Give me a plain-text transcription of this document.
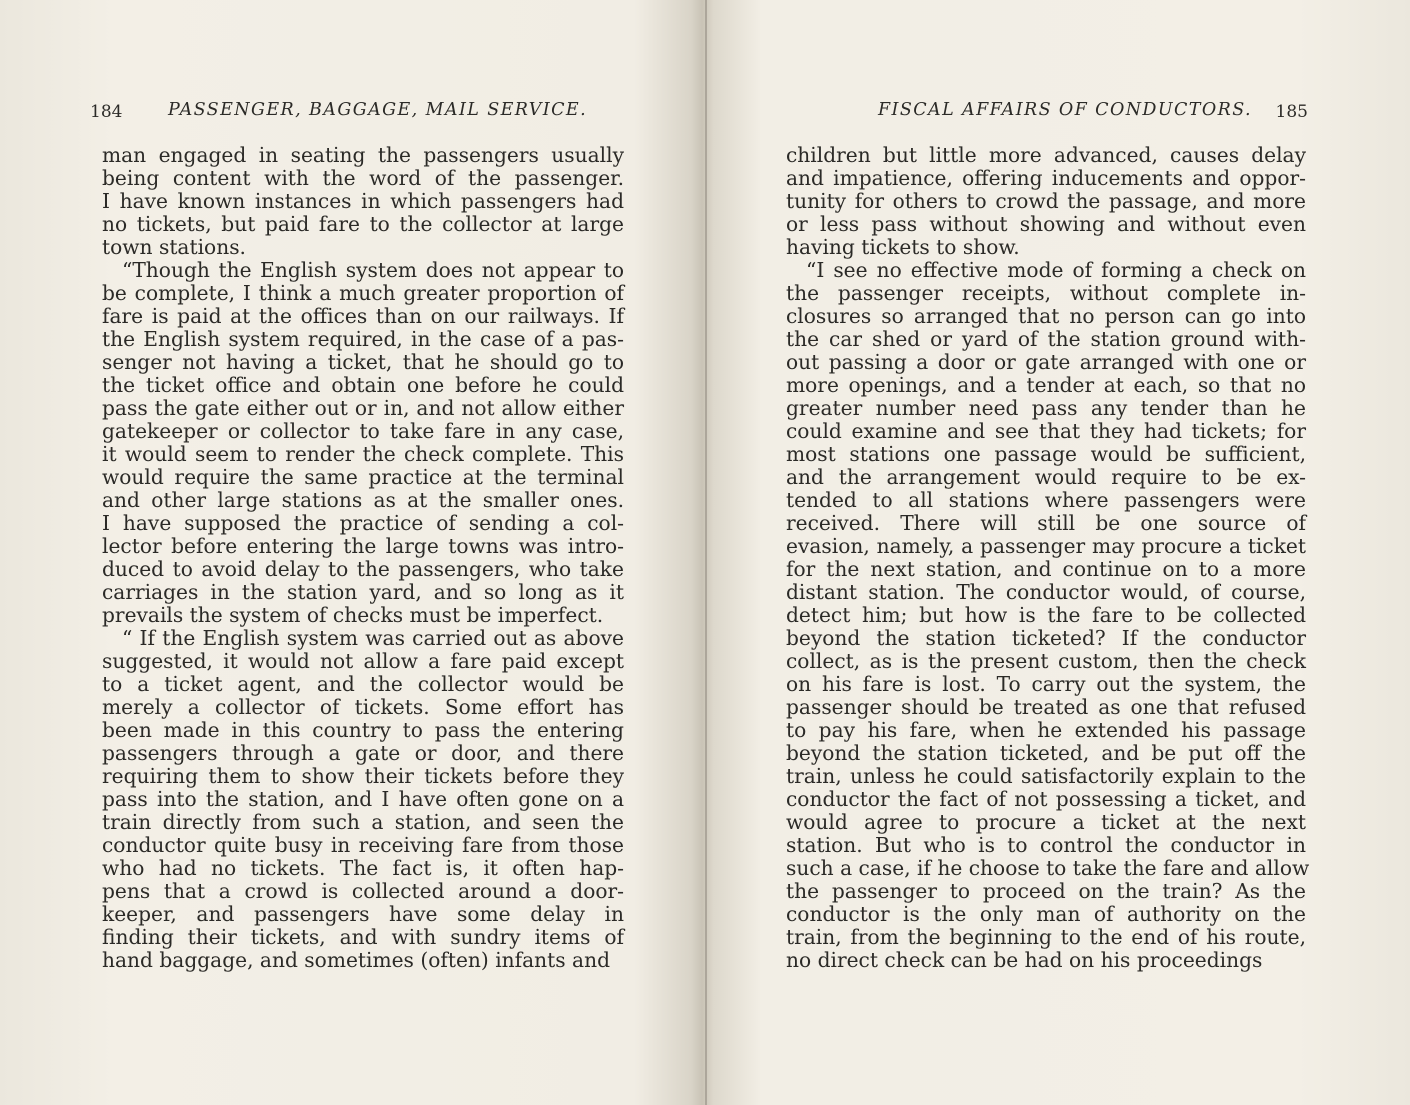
184	PASSENGER, BAGGAGE, MAIL SERVICE.
man engaged in seating the passengers usually
being content with the word of the passenger.
I have known instances in which passengers had
no tickets, but paid fare to the collector at large
town stations.
“Though the English system does not appear to
be complete, I think a much greater proportion of
fare is paid at the offices than on our railways. If
the English system required, in the case of a pas-
senger not having a ticket, that he should go to
the ticket office and obtain one before he could
pass the gate either out or in, and not allow either
gatekeeper or collector to take fare in any case,
it would seem to render the check complete. This
would require the same practice at the terminal
and other large stations as at the smaller ones.
I have supposed the practice of sending a col-
lector before entering the large towns was intro-
duced to avoid delay to the passengers, who take
carriages in the station yard, and so long as it
prevails the system of checks must be imperfect.
“ If the English system was carried out as above
suggested, it would not allow a fare paid except
to a ticket agent, and the collector would be
merely a collector of tickets. Some effort has
been made in this country to pass the entering
passengers through a gate or door, and there
requiring them to show their tickets before they
pass into the station, and I have often gone on a
train directly from such a station, and seen the
conductor quite busy in receiving fare from those
who had no tickets. The fact is, it often hap-
pens that a crowd is collected around a door-
keeper, and passengers have some delay in
finding their tickets, and with sundry items of
hand baggage, and sometimes (often) infants and
FISCAL AFFAIRS OF CONDUCTORS. 185
children but little more advanced, causes delay
and impatience, offering inducements and oppor-
tunity for others to crowd the passage, and more
or less pass without showing and without even
having tickets to show.
“I see no effective mode of forming a check on
the passenger receipts, without complete in-
closures so arranged that no person can go into
the car shed or yard of the station ground with-
out passing a door or gate arranged with one or
more openings, and a tender at each, so that no
greater number need pass any tender than he
could examine and see that they had tickets; for
most stations one passage would be sufficient,
and the arrangement would require to be ex-
tended to all stations where passengers were
received. There will still be one source of
evasion, namely, a passenger may procure a ticket
for the next station, and continue on to a more
distant station. The conductor would, of course,
detect him; but how is the fare to be collected
beyond the station ticketed? If the conductor
collect, as is the present custom, then the check
on his fare is lost. To carry out the system, the
passenger should be treated as one that refused
to pay his fare, when he extended his passage
beyond the station ticketed, and be put off the
train, unless he could satisfactorily explain to the
conductor the fact of not possessing a ticket, and
would agree to procure a ticket at the next
station. But who is to control the conductor in
such a case, if he choose to take the fare and allow
the passenger to proceed on the train? As the
conductor is the only man of authority on the
train, from the beginning to the end of his route,
no direct check can be had on his proceedings
